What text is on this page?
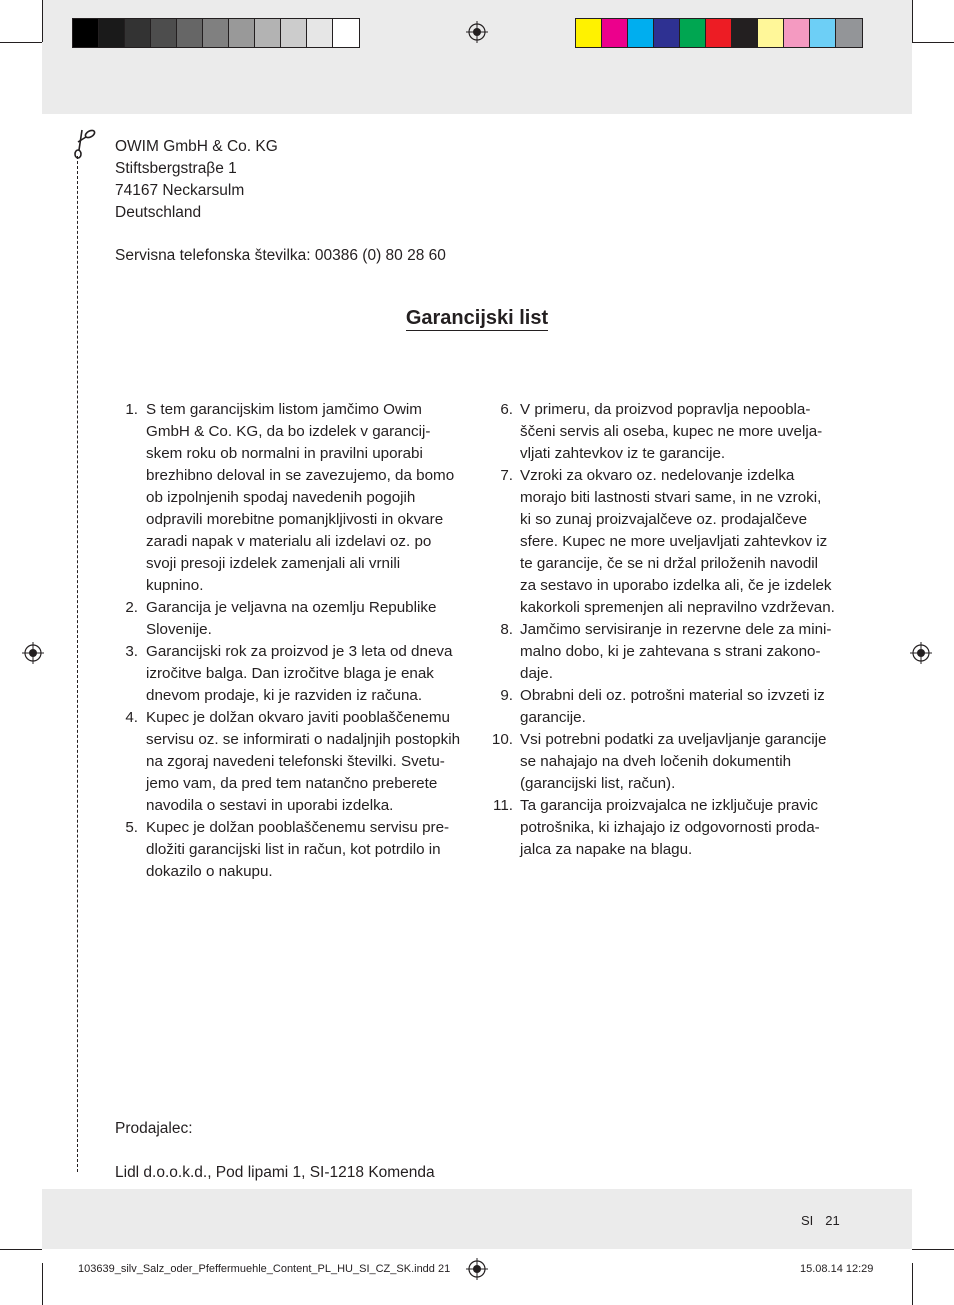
OWIM GmbH & Co. KG
Stiftsbergstraβe 1
74167 Neckarsulm
Deutschland
Servisna telefonska številka: 00386 (0) 80 28 60
Garancijski list
1. S tem garancijskim listom jamčimo Owim
GmbH & Co. KG, da bo izdelek v garancij-
skem roku ob normalni in pravilni uporabi
brezhibno deloval in se zavezujemo, da bomo
ob izpolnjenih spodaj navedenih pogojih
odpravili morebitne pomanjkljivosti in okvare
zaradi napak v materialu ali izdelavi oz. po
svoji presoji izdelek zamenjali ali vrnili
kupnino.
2. Garancija je veljavna na ozemlju Republike
Slovenije.
3. Garancijski rok za proizvod je 3 leta od dneva
izročitve balga. Dan izročitve blaga je enak
dnevom prodaje, ki je razviden iz računa.
4. Kupec je dolžan okvaro javiti pooblaščenemu
servisu oz. se informirati o nadaljnjih postopkih
na zgoraj navedeni telefonski številki. Svetu-
jemo vam, da pred tem natančno preberete
navodila o sestavi in uporabi izdelka.
5. Kupec je dolžan pooblaščenemu servisu pre-
dložiti garancijski list in račun, kot potrdilo in
dokazilo o nakupu.
6. V primeru, da proizvod popravlja nepoobla-
ščeni servis ali oseba, kupec ne more uvelja-
vljati zahtevkov iz te garancije.
7. Vzroki za okvaro oz. nedelovanje izdelka
morajo biti lastnosti stvari same, in ne vzroki,
ki so zunaj proizvajalčeve oz. prodajalčeve
sfere. Kupec ne more uveljavljati zahtevkov iz
te garancije, če se ni držal priloženih navodil
za sestavo in uporabo izdelka ali, če je izdelek
kakorkoli spremenjen ali nepravilno vzdrževan.
8. Jamčimo servisiranje in rezervne dele za mini-
malno dobo, ki je zahtevana s strani zakono-
daje.
9. Obrabni deli oz. potrošni material so izvzeti iz
garancije.
10. Vsi potrebni podatki za uveljavljanje garancije
se nahajajo na dveh ločenih dokumentih
(garancijski list, račun).
11. Ta garancija proizvajalca ne izključuje pravic
potrošnika, ki izhajajo iz odgovornosti proda-
jalca za napake na blagu.
Prodajalec:
Lidl d.o.o.k.d., Pod lipami 1, SI-1218 Komenda
SI 21
103639_silv_Salz_oder_Pfeffermuehle_Content_PL_HU_SI_CZ_SK.indd 21	15.08.14 12:29
